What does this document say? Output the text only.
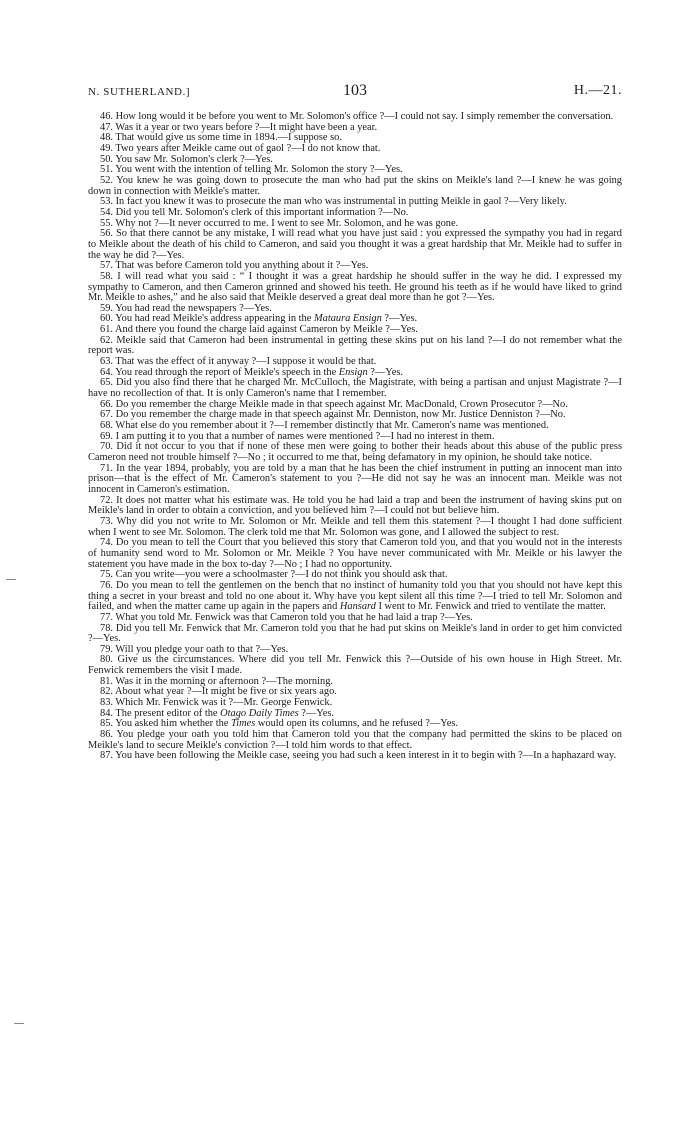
N. SUTHERLAND.]	103	H.—21.

46. How long would it be before you went to Mr. Solomon's office ?—I could not say. I simply remember the conversation.

47. Was it a year or two years before ?—It might have been a year.

48. That would give us some time in 1894.—I suppose so.

49. Two years after Meikle came out of gaol ?—I do not know that.

50. You saw Mr. Solomon's clerk ?—Yes.

51. You went with the intention of telling Mr. Solomon the story ?—Yes.

52. You knew he was going down to prosecute the man who had put the skins on Meikle's land ?—I knew he was going down in connection with Meikle's matter.

53. In fact you knew it was to prosecute the man who was instrumental in putting Meikle in gaol ?—Very likely.

54. Did you tell Mr. Solomon's clerk of this important information ?—No.

55. Why not ?—It never occurred to me. I went to see Mr. Solomon, and he was gone.

56. So that there cannot be any mistake, I will read what you have just said : you expressed the sympathy you had in regard to Meikle about the death of his child to Cameron, and said you thought it was a great hardship that Mr. Meikle had to suffer in the way he did ?—Yes.

57. That was before Cameron told you anything about it ?—Yes.

58. I will read what you said : “ I thought it was a great hardship he should suffer in the way he did. I expressed my sympathy to Cameron, and then Cameron grinned and showed his teeth. He ground his teeth as if he would have liked to grind Mr. Meikle to ashes,” and he also said that Meikle deserved a great deal more than he got ?—Yes.

59. You had read the newspapers ?—Yes.

60. You had read Meikle's address appearing in the Mataura Ensign ?—Yes.

61. And there you found the charge laid against Cameron by Meikle ?—Yes.

62. Meikle said that Cameron had been instrumental in getting these skins put on his land ?—I do not remember what the report was.

63. That was the effect of it anyway ?—I suppose it would be that.

64. You read through the report of Meikle's speech in the Ensign ?—Yes.

65. Did you also find there that he charged Mr. McCulloch, the Magistrate, with being a partisan and unjust Magistrate ?—I have no recollection of that. It is only Cameron's name that I remember.

66. Do you remember the charge Meikle made in that speech against Mr. MacDonald, Crown Prosecutor ?—No.

67. Do you remember the charge made in that speech against Mr. Denniston, now Mr. Justice Denniston ?—No.

68. What else do you remember about it ?—I remember distinctly that Mr. Cameron's name was mentioned.

69. I am putting it to you that a number of names were mentioned ?—I had no interest in them.

70. Did it not occur to you that if none of these men were going to bother their heads about this abuse of the public press Cameron need not trouble himself ?—No ; it occurred to me that, being defamatory in my opinion, he should take notice.

71. In the year 1894, probably, you are told by a man that he has been the chief instrument in putting an innocent man into prison—that is the effect of Mr. Cameron's statement to you ?—He did not say he was an innocent man. Meikle was not innocent in Cameron's estimation.

72. It does not matter what his estimate was. He told you he had laid a trap and been the instrument of having skins put on Meikle's land in order to obtain a conviction, and you believed him ?—I could not but believe him.

73. Why did you not write to Mr. Solomon or Mr. Meikle and tell them this statement ?—I thought I had done sufficient when I went to see Mr. Solomon. The clerk told me that Mr. Solomon was gone, and I allowed the subject to rest.

74. Do you mean to tell the Court that you believed this story that Cameron told you, and that you would not in the interests of humanity send word to Mr. Solomon or Mr. Meikle ? You have never communicated with Mr. Meikle or his lawyer the statement you have made in the box to-day ?—No ; I had no opportunity.

75. Can you write—you were a schoolmaster ?—I do not think you should ask that.

76. Do you mean to tell the gentlemen on the bench that no instinct of humanity told you that you should not have kept this thing a secret in your breast and told no one about it. Why have you kept silent all this time ?—I tried to tell Mr. Solomon and failed, and when the matter came up again in the papers and Hansard I went to Mr. Fenwick and tried to ventilate the matter.

77. What you told Mr. Fenwick was that Cameron told you that he had laid a trap ?—Yes.

78. Did you tell Mr. Fenwick that Mr. Cameron told you that he had put skins on Meikle's land in order to get him convicted ?—Yes.

79. Will you pledge your oath to that ?—Yes.

80. Give us the circumstances. Where did you tell Mr. Fenwick this ?—Outside of his own house in High Street. Mr. Fenwick remembers the visit I made.

81. Was it in the morning or afternoon ?—The morning.

82. About what year ?—It might be five or six years ago.

83. Which Mr. Fenwick was it ?—Mr. George Fenwick.

84. The present editor of the Otago Daily Times ?—Yes.

85. You asked him whether the Times would open its columns, and he refused ?—Yes.

86. You pledge your oath you told him that Cameron told you that the company had permitted the skins to be placed on Meikle's land to secure Meikle's conviction ?—I told him words to that effect.

87. You have been following the Meikle case, seeing you had such a keen interest in it to begin with ?—In a haphazard way.
